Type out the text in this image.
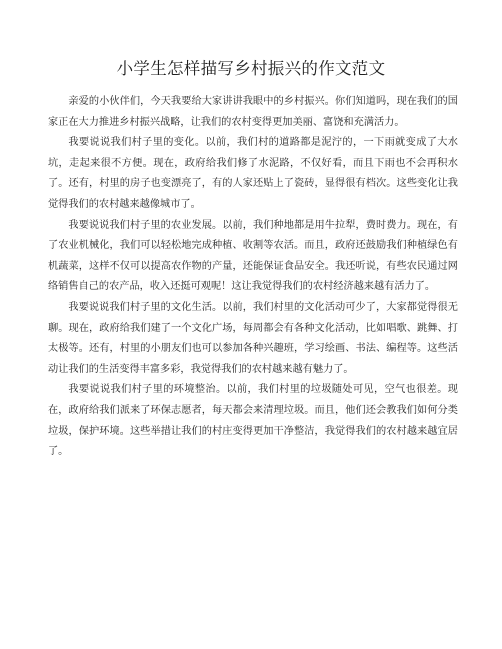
小学生怎样描写乡村振兴的作文范文

亲爱的小伙伴们，今天我要给大家讲讲我眼中的乡村振兴。你们知道吗，现在我们的国家正在大力推进乡村振兴战略，让我们的农村变得更加美丽、富饶和充满活力。

我要说说我们村子里的变化。以前，我们村的道路都是泥泞的，一下雨就变成了大水坑，走起来很不方便。现在，政府给我们修了水泥路，不仅好看，而且下雨也不会再积水了。还有，村里的房子也变漂亮了，有的人家还贴上了瓷砖，显得很有档次。这些变化让我觉得我们的农村越来越像城市了。

我要说说我们村子里的农业发展。以前，我们种地都是用牛拉犁，费时费力。现在，有了农业机械化，我们可以轻松地完成种植、收割等农活。而且，政府还鼓励我们种植绿色有机蔬菜，这样不仅可以提高农作物的产量，还能保证食品安全。我还听说，有些农民通过网络销售自己的农产品，收入还挺可观呢！这让我觉得我们的农村经济越来越有活力了。

我要说说我们村子里的文化生活。以前，我们村里的文化活动可少了，大家都觉得很无聊。现在，政府给我们建了一个文化广场，每周都会有各种文化活动，比如唱歌、跳舞、打太极等。还有，村里的小朋友们也可以参加各种兴趣班，学习绘画、书法、编程等。这些活动让我们的生活变得丰富多彩，我觉得我们的农村越来越有魅力了。

我要说说我们村子里的环境整治。以前，我们村里的垃圾随处可见，空气也很差。现在，政府给我们派来了环保志愿者，每天都会来清理垃圾。而且，他们还会教我们如何分类垃圾，保护环境。这些举措让我们的村庄变得更加干净整洁，我觉得我们的农村越来越宜居了。
